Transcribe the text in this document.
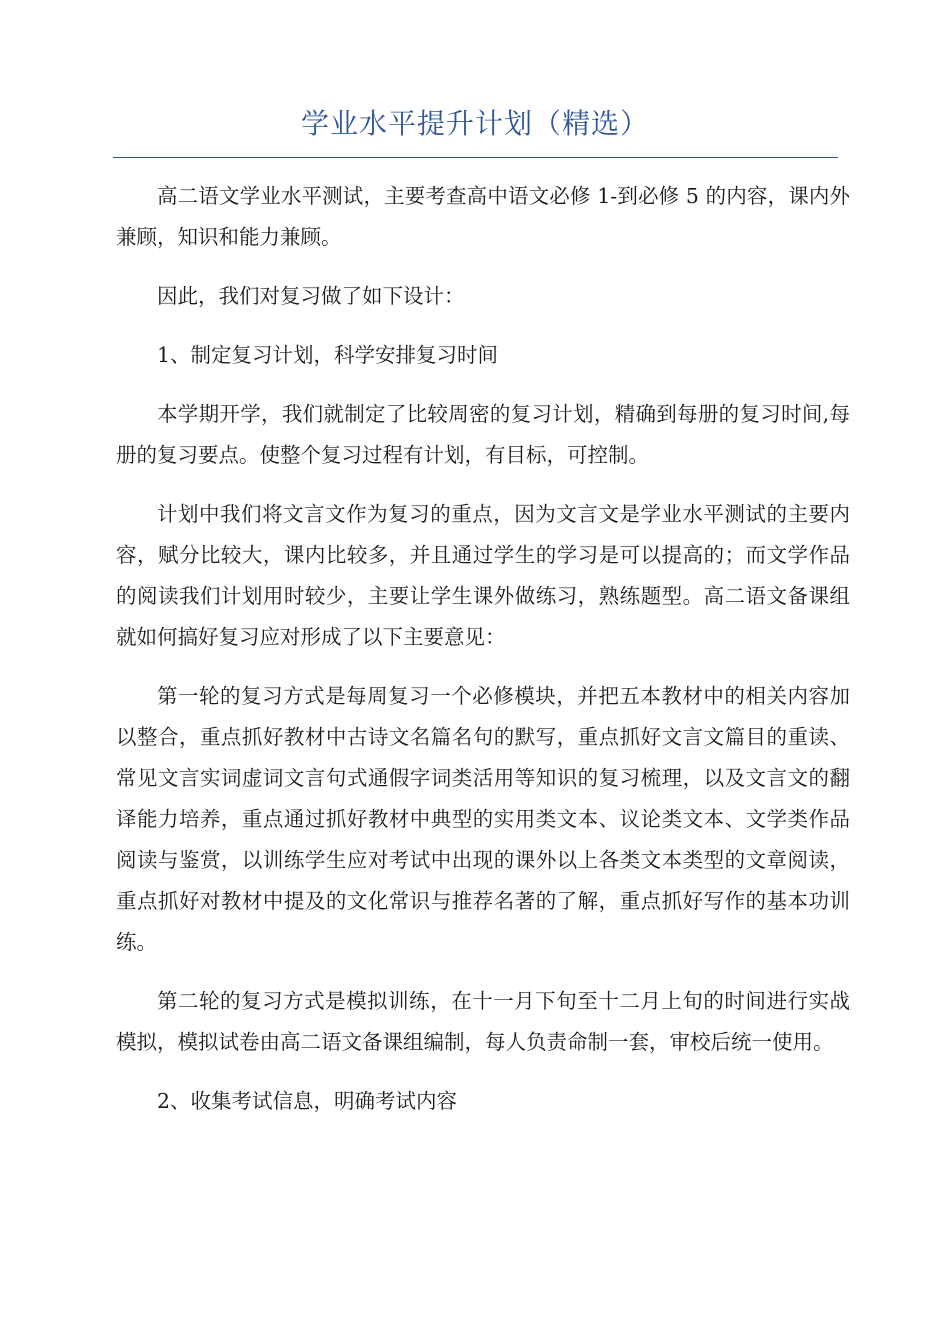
学业水平提升计划（精选）

高二语文学业水平测试，主要考查高中语文必修 1-到必修 5 的内容，课内外兼顾，知识和能力兼顾。

因此，我们对复习做了如下设计：

1、制定复习计划，科学安排复习时间

本学期开学，我们就制定了比较周密的复习计划，精确到每册的复习时间,每册的复习要点。使整个复习过程有计划，有目标，可控制。

计划中我们将文言文作为复习的重点，因为文言文是学业水平测试的主要内容，赋分比较大，课内比较多，并且通过学生的学习是可以提高的；而文学作品的阅读我们计划用时较少，主要让学生课外做练习，熟练题型。高二语文备课组就如何搞好复习应对形成了以下主要意见：

第一轮的复习方式是每周复习一个必修模块，并把五本教材中的相关内容加以整合，重点抓好教材中古诗文名篇名句的默写，重点抓好文言文篇目的重读、常见文言实词虚词文言句式通假字词类活用等知识的复习梳理，以及文言文的翻译能力培养，重点通过抓好教材中典型的实用类文本、议论类文本、文学类作品阅读与鉴赏，以训练学生应对考试中出现的课外以上各类文本类型的文章阅读，重点抓好对教材中提及的文化常识与推荐名著的了解，重点抓好写作的基本功训练。

第二轮的复习方式是模拟训练，在十一月下旬至十二月上旬的时间进行实战模拟，模拟试卷由高二语文备课组编制，每人负责命制一套，审校后统一使用。

2、收集考试信息，明确考试内容
